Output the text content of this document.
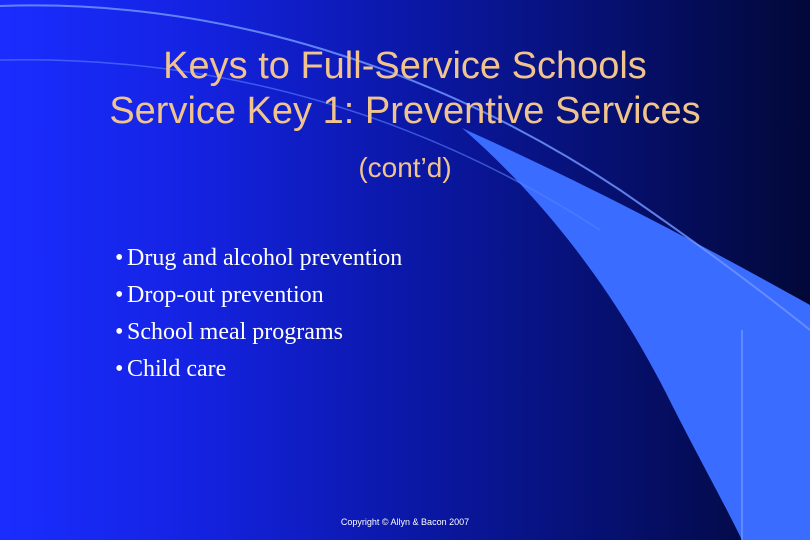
Keys to Full-Service Schools
Service Key 1: Preventive Services
(cont’d)
• Drug and alcohol prevention
• Drop-out prevention
• School meal programs
• Child care
Copyright © Allyn & Bacon 2007
